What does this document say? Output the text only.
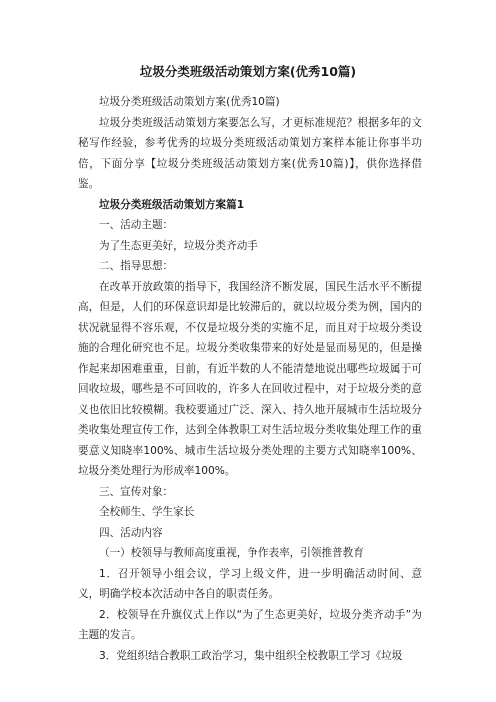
垃圾分类班级活动策划方案(优秀10篇)

垃圾分类班级活动策划方案(优秀10篇)

垃圾分类班级活动策划方案要怎么写，才更标准规范？根据多年的文秘写作经验，参考优秀的垃圾分类班级活动策划方案样本能让你事半功倍，下面分享【垃圾分类班级活动策划方案(优秀10篇)】，供你选择借鉴。

垃圾分类班级活动策划方案篇1

一、活动主题：

为了生态更美好，垃圾分类齐动手

二、指导思想：

在改革开放政策的指导下，我国经济不断发展，国民生活水平不断提高，但是，人们的环保意识却是比较滞后的，就以垃圾分类为例，国内的状况就显得不容乐观，不仅是垃圾分类的实施不足，而且对于垃圾分类设施的合理化研究也不足。垃圾分类收集带来的好处是显而易见的，但是操作起来却困难重重，目前，有近半数的人不能清楚地说出哪些垃圾属于可回收垃圾，哪些是不可回收的，许多人在回收过程中，对于垃圾分类的意义也依旧比较模糊。我校要通过广泛、深入、持久地开展城市生活垃圾分类收集处理宣传工作，达到全体教职工对生活垃圾分类收集处理工作的重要意义知晓率100%、城市生活垃圾分类处理的主要方式知晓率100%、垃圾分类处理行为形成率100%。

三、宣传对象：

全校师生、学生家长

四、活动内容

（一）校领导与教师高度重视，争作表率，引领推普教育

1．召开领导小组会议，学习上级文件，进一步明确活动时间、意义，明确学校本次活动中各自的职责任务。

2．校领导在升旗仪式上作以“为了生态更美好，垃圾分类齐动手”为主题的发言。

3．党组织结合教职工政治学习，集中组织全校教职工学习《垃圾
